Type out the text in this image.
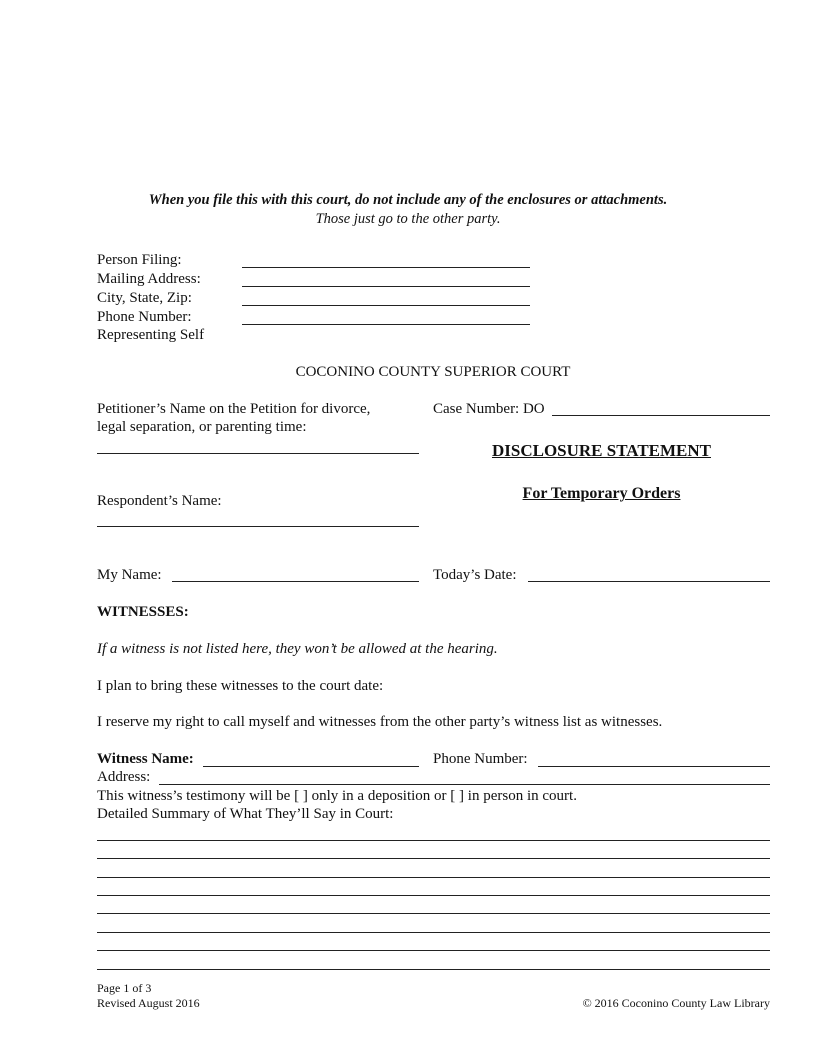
When you file this with this court, do not include any of the enclosures or attachments.
Those just go to the other party.
Person Filing:
Mailing Address:
City, State, Zip:
Phone Number:
Representing Self
COCONINO COUNTY SUPERIOR COURT
Petitioner’s Name on the Petition for divorce,
legal separation, or parenting time:
Respondent’s Name:
Case Number: DO
DISCLOSURE STATEMENT
For Temporary Orders
My Name:	Today’s Date:
WITNESSES:
If a witness is not listed here, they won’t be allowed at the hearing.
I plan to bring these witnesses to the court date:
I reserve my right to call myself and witnesses from the other party’s witness list as witnesses.
Witness Name:	Phone Number:
Address:
This witness’s testimony will be [ ] only in a deposition or [ ] in person in court.
Detailed Summary of What They’ll Say in Court:
Page 1 of 3
Revised August 2016	© 2016 Coconino County Law Library
